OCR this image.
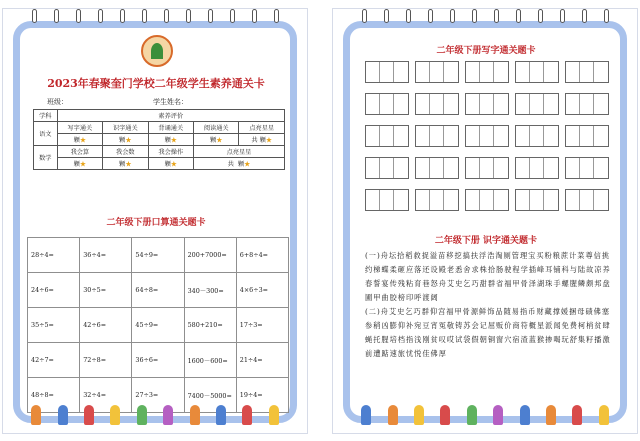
2023年春聚奎门学校二年级学生素养通关卡
班级：	学生姓名：
学科	素养评价				
语文	写字通关	识字通关	背诵通关	阅读通关	点亮星星
	颗★	颗★	颗★	颗★	共 颗★
数学	我会算	我会数	我会操作	点亮星星	
	颗★	颗★	颗★	共 颗★	
二年级下册口算通关题卡
28÷4=	36÷4=	54÷9=	200+7000=	6+8÷4=
24÷6=	30÷5=	64÷8=	340－300=	4×6÷3=
35÷5=	42÷6=	45÷9=	580+210=	17÷3=
42÷7=	72÷8=	36÷6=	1600－600=	21÷4=
48÷8=	32÷4=	27÷3=	7400－5000=	19÷4=
二年级下册写字通关题卡
二年级下册 识字通关题卡
(一)舟坛拾稻救捉溢苗移挖搞扶浮浩淘厕管理宝买粉粮蔗计菜尊信挑约梯蝶柔砸应落还设殿老悉舍求株拾肠驶程学插峰耳铺科与陆故凉养春誓宴传残粘育巷怒舟艾史乞巧甜群省福甲骨泽湖珠手螺腥鳞颇邦盘圃甲曲胶榜印呼渡阔
(二)舟艾史乞巧群仰宫福甲骨源鲜饰品随易指币财藏撑媛捆母碛佛塞参稍凶膨仰补宛豆宵冤敬铸苏会记屈贩价商符概星派闻免费柯梢贫肆蝇托腥培档指浅刚贫叹哎试袋假朝铜窗穴宿渣蓝猴掺喝玩舒集籽播激前遭踮速旅忧悦佳佛厚
